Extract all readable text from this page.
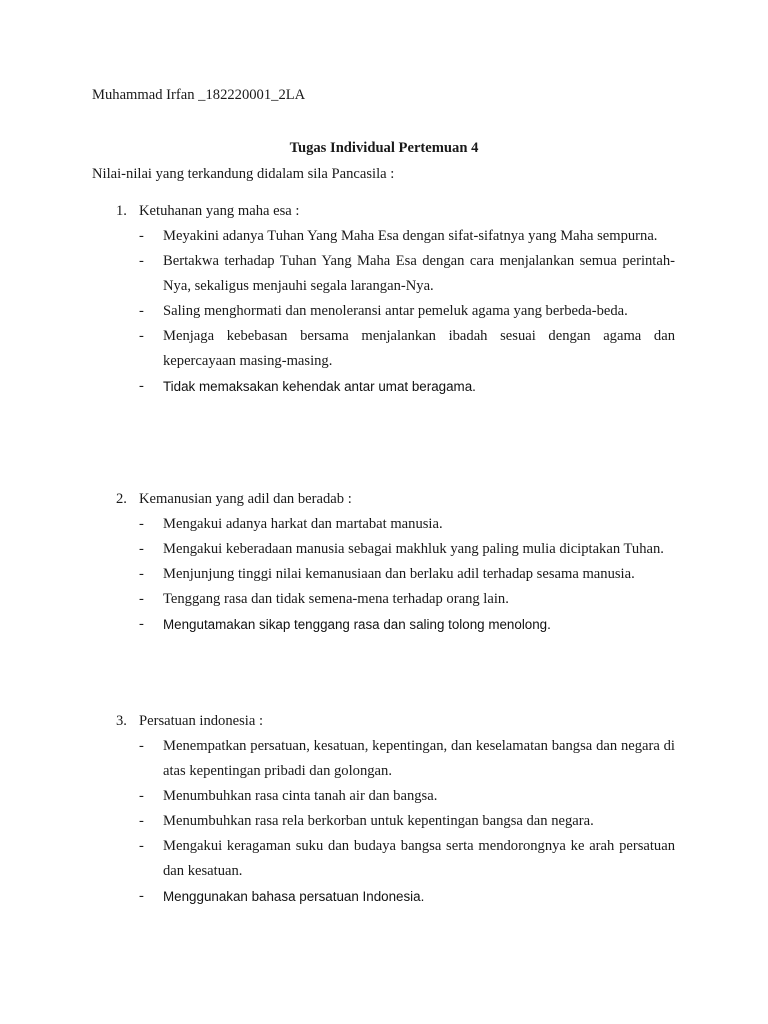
Muhammad Irfan _182220001_2LA
Tugas Individual Pertemuan 4
Nilai-nilai yang terkandung didalam sila Pancasila :
1. Ketuhanan yang maha esa :
- Meyakini adanya Tuhan Yang Maha Esa dengan sifat-sifatnya yang Maha sempurna.
- Bertakwa terhadap Tuhan Yang Maha Esa dengan cara menjalankan semua perintah-Nya, sekaligus menjauhi segala larangan-Nya.
- Saling menghormati dan menoleransi antar pemeluk agama yang berbeda-beda.
- Menjaga kebebasan bersama menjalankan ibadah sesuai dengan agama dan kepercayaan masing-masing.
- Tidak memaksakan kehendak antar umat beragama.
2. Kemanusian yang adil dan beradab :
- Mengakui adanya harkat dan martabat manusia.
- Mengakui keberadaan manusia sebagai makhluk yang paling mulia diciptakan Tuhan.
- Menjunjung tinggi nilai kemanusiaan dan berlaku adil terhadap sesama manusia.
- Tenggang rasa dan tidak semena-mena terhadap orang lain.
- Mengutamakan sikap tenggang rasa dan saling tolong menolong.
3. Persatuan indonesia :
- Menempatkan persatuan, kesatuan, kepentingan, dan keselamatan bangsa dan negara di atas kepentingan pribadi dan golongan.
- Menumbuhkan rasa cinta tanah air dan bangsa.
- Menumbuhkan rasa rela berkorban untuk kepentingan bangsa dan negara.
- Mengakui keragaman suku dan budaya bangsa serta mendorongnya ke arah persatuan dan kesatuan.
- Menggunakan bahasa persatuan Indonesia.
